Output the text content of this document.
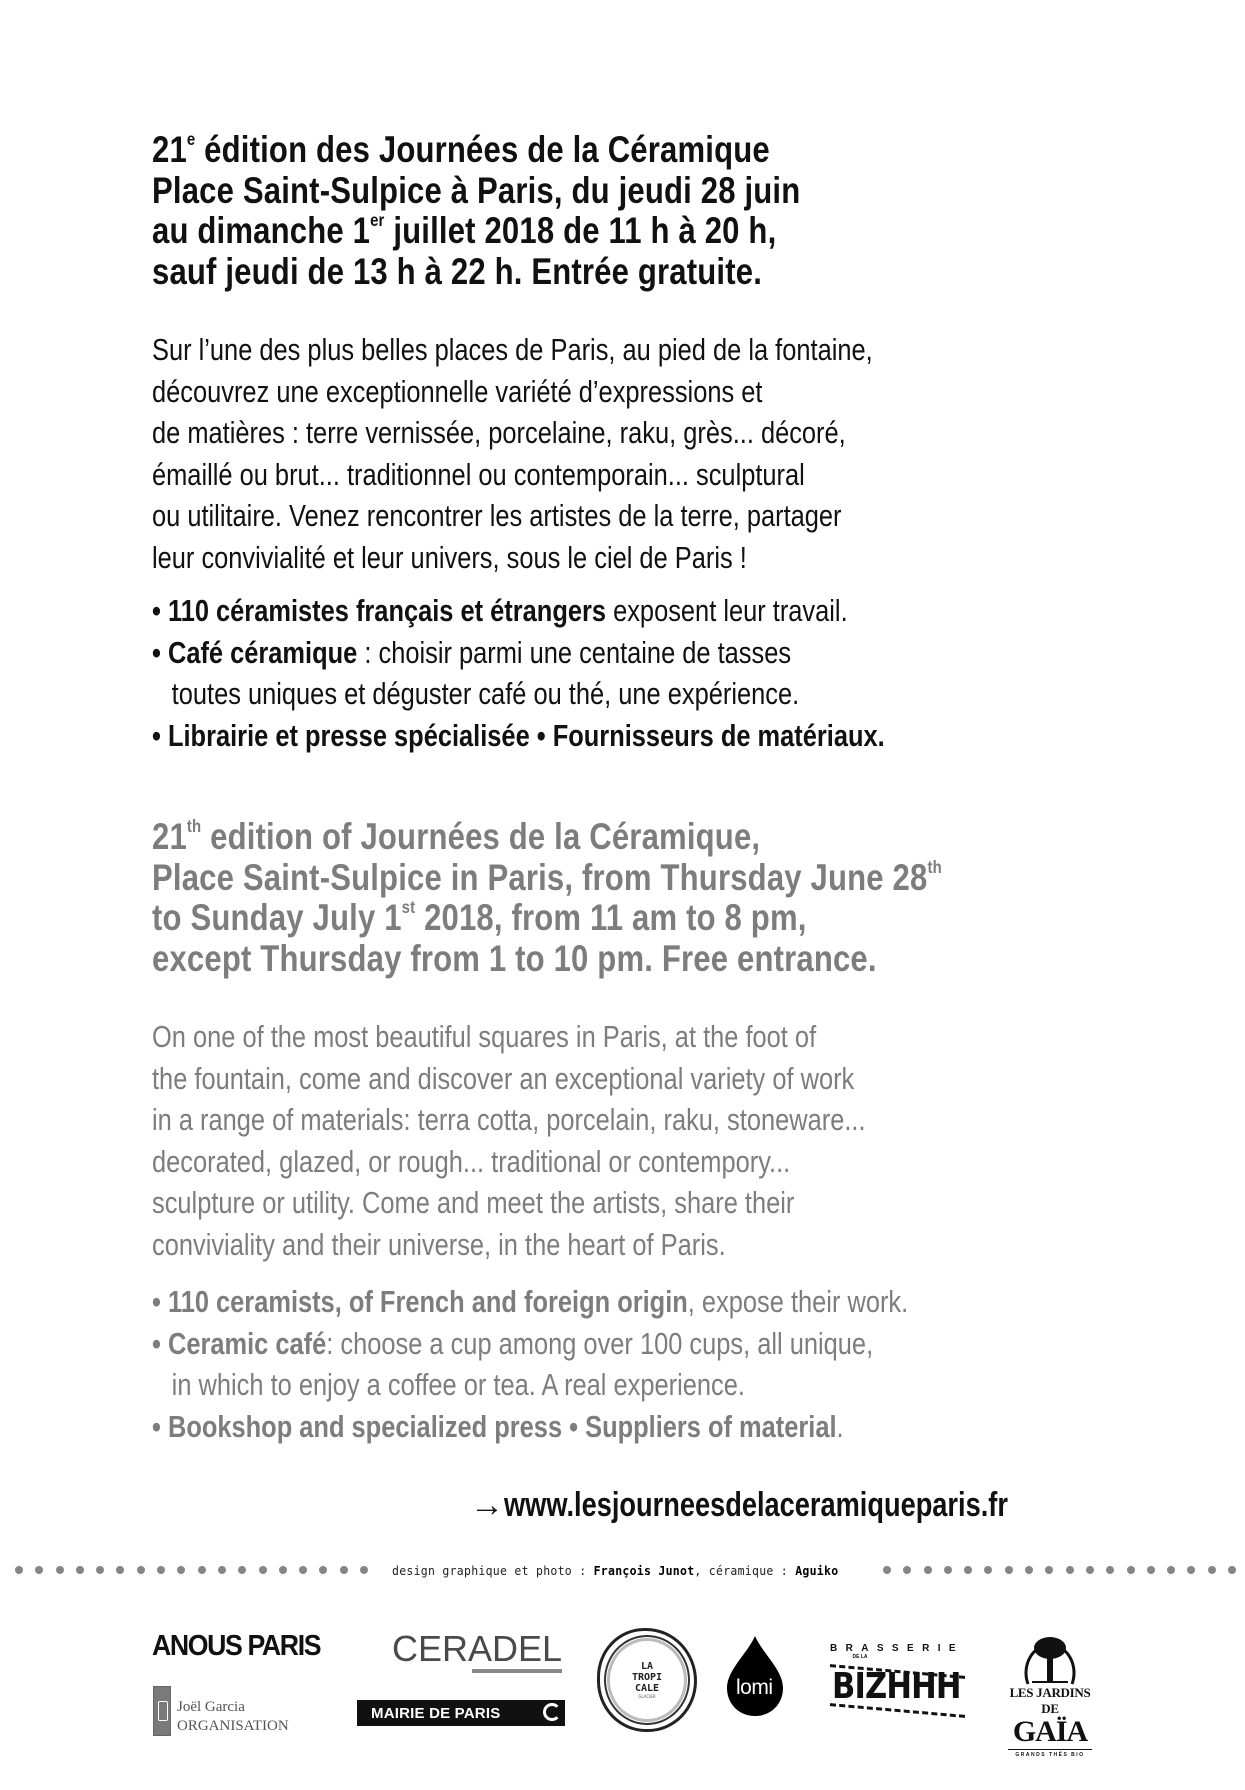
21e édition des Journées de la Céramique
Place Saint-Sulpice à Paris, du jeudi 28 juin
au dimanche 1er juillet 2018 de 11 h à 20 h,
sauf jeudi de 13 h à 22 h. Entrée gratuite.
Sur l’une des plus belles places de Paris, au pied de la fontaine,
découvrez une exceptionnelle variété d’expressions et
de matières : terre vernissée, porcelaine, raku, grès... décoré,
émaillé ou brut... traditionnel ou contemporain... sculptural
ou utilitaire. Venez rencontrer les artistes de la terre, partager
leur convivialité et leur univers, sous le ciel de Paris !
• 110 céramistes français et étrangers exposent leur travail.
• Café céramique : choisir parmi une centaine de tasses
toutes uniques et déguster café ou thé, une expérience.
• Librairie et presse spécialisée • Fournisseurs de matériaux.
21th edition of Journées de la Céramique,
Place Saint-Sulpice in Paris, from Thursday June 28th
to Sunday July 1st 2018, from 11 am to 8 pm,
except Thursday from 1 to 10 pm. Free entrance.
On one of the most beautiful squares in Paris, at the foot of
the fountain, come and discover an exceptional variety of work
in a range of materials: terra cotta, porcelain, raku, stoneware...
decorated, glazed, or rough... traditional or contempory...
sculpture or utility. Come and meet the artists, share their
conviviality and their universe, in the heart of Paris.
• 110 ceramists, of French and foreign origin, expose their work.
• Ceramic café: choose a cup among over 100 cups, all unique,
in which to enjoy a coffee or tea. A real experience.
• Bookshop and specialized press • Suppliers of material.
→ www.lesjourneesdelaceramiqueparis.fr
design graphique et photo : François Junot, céramique : Aguiko
ANOUS PARIS CERADEL
Joël Garcia
ORGANISATION
MAIRIE DE PARIS
LA
TROPI
CALE
GLACIER	lomi
BRASSERIE
DE LA
BIZHHH	LES JARDINS DE
GAÏA
GRANDS THÉS BIO
